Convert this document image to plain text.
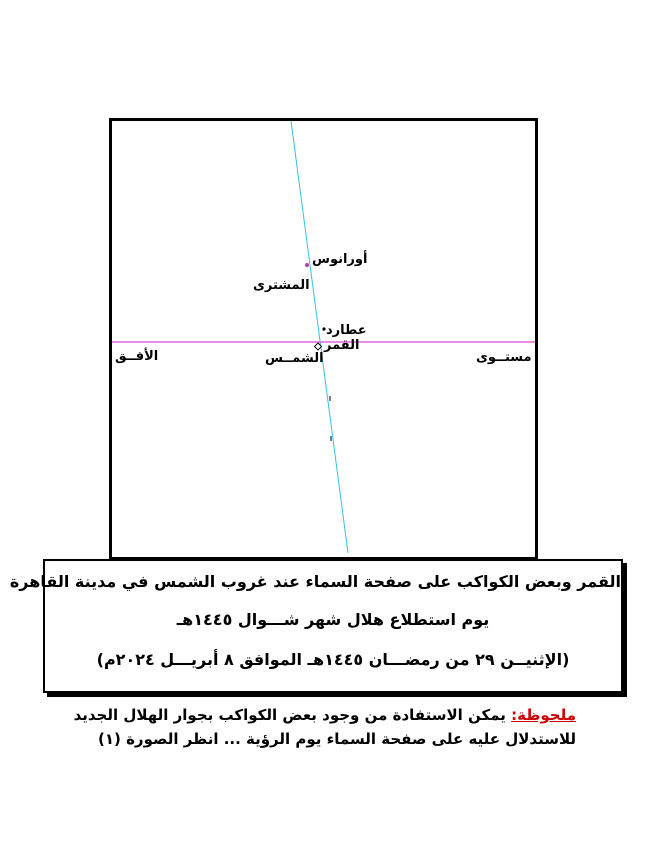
أورانوس
المشترى
عطارد
القمر
الأفــق	الشمــس	مستــوى
القمر وبعض الكواكب على صفحة السماء عند غروب الشمس في مدينة القاهرة
يوم استطلاع هلال شهر شـــوال ١٤٤٥هـ
(الإثنيــن ٢٩ من رمضـــان ١٤٤٥هـ الموافق ٨ أبريـــل ٢٠٢٤م)
ملحوظة: يمكن الاستفادة من وجود بعض الكواكب بجوار الهلال الجديد
للاستدلال عليه على صفحة السماء يوم الرؤية ... انظر الصورة (١)
